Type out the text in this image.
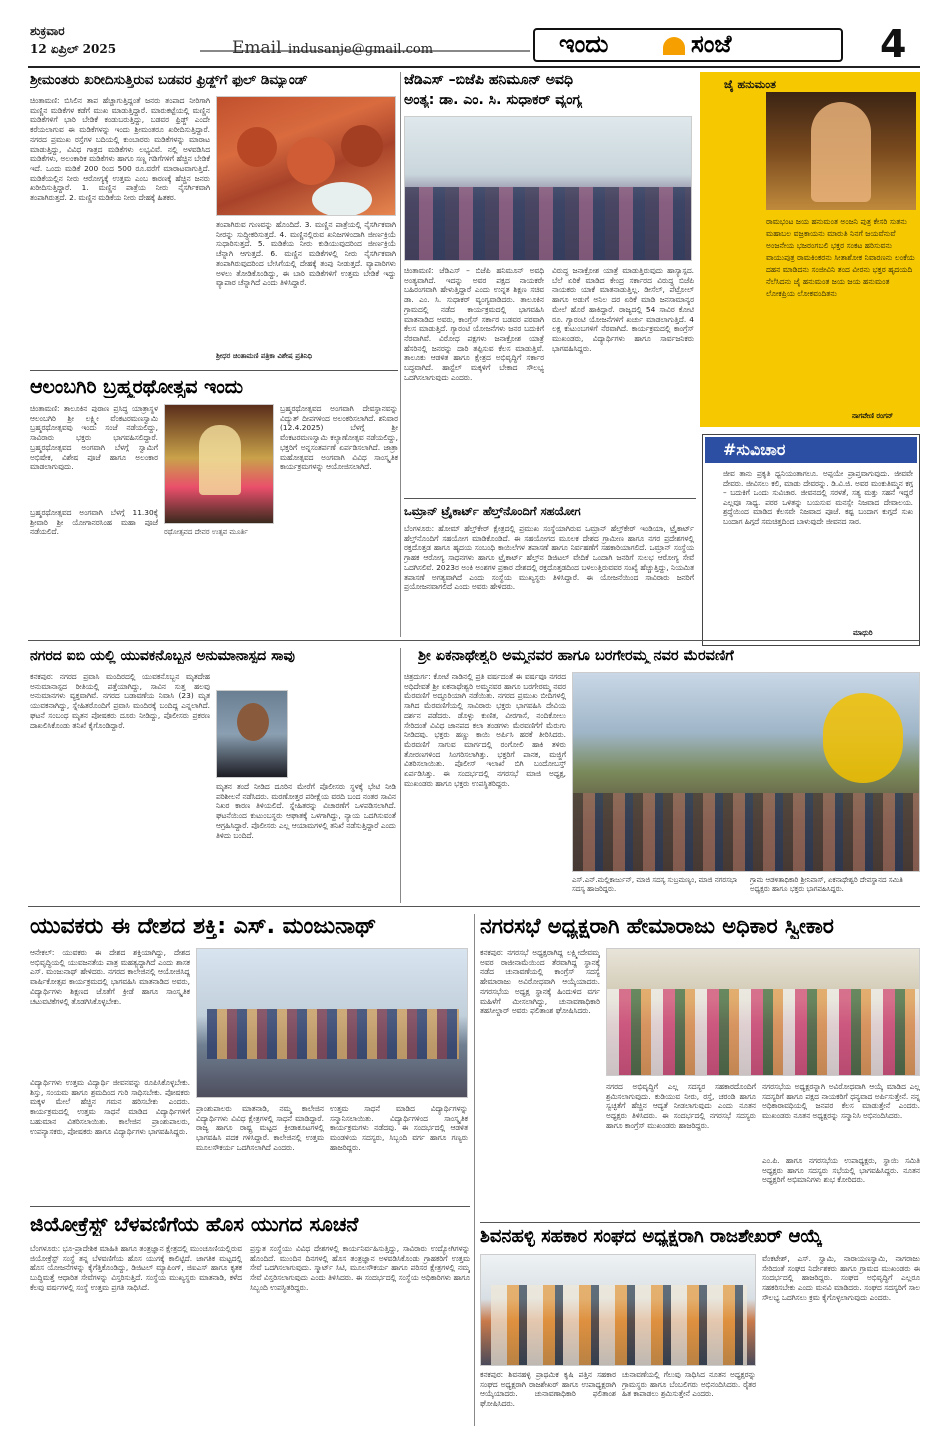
ಶುಕ್ರವಾರ
12 ಏಪ್ರಿಲ್ 2025	Email indusanje@gmail.com	ಇಂದು	ಸಂಜೆ	4
ಶ್ರೀಮಂತರು ಖರೀದಿಸುತ್ತಿರುವ ಬಡವರ ಫ್ರಿಡ್ಜ್‌ಗೆ ಫುಲ್ ಡಿಮ್ಯಾಂಡ್
ಚಿಂತಾಮಣಿ: ಬಿಸಿಲಿನ ತಾಪ ಹೆಚ್ಚಾಗುತ್ತಿದ್ದಂತೆ ಜನರು ತಂಪಾದ ನೀರಿಗಾಗಿ ಮಣ್ಣಿನ ಮಡಿಕೆಗಳ ಕಡೆಗೆ ಮುಖ ಮಾಡುತ್ತಿದ್ದಾರೆ. ಮಾರುಕಟ್ಟೆಯಲ್ಲಿ ಮಣ್ಣಿನ ಮಡಿಕೆಗಳಿಗೆ ಭಾರಿ ಬೇಡಿಕೆ ಕಂಡುಬರುತ್ತಿದ್ದು, ಬಡವರ ಫ್ರಿಡ್ಜ್ ಎಂದೇ ಕರೆಯಲಾಗುವ ಈ ಮಡಿಕೆಗಳನ್ನು ಇಂದು ಶ್ರೀಮಂತರೂ ಖರೀದಿಸುತ್ತಿದ್ದಾರೆ. ನಗರದ ಪ್ರಮುಖ ರಸ್ತೆಗಳ ಬದಿಯಲ್ಲಿ ಕುಂಬಾರರು ಮಡಿಕೆಗಳನ್ನು ಮಾರಾಟ ಮಾಡುತ್ತಿದ್ದು, ವಿವಿಧ ಗಾತ್ರದ ಮಡಿಕೆಗಳು ಲಭ್ಯವಿವೆ. ನಲ್ಲಿ ಅಳವಡಿಸಿದ ಮಡಿಕೆಗಳು, ಅಲಂಕಾರಿಕ ಮಡಿಕೆಗಳು ಹಾಗೂ ಸಣ್ಣ ಗಡಿಗೆಗಳಿಗೆ ಹೆಚ್ಚಿನ ಬೇಡಿಕೆ ಇದೆ. ಒಂದು ಮಡಿಕೆ 200 ರಿಂದ 500 ರೂ.ವರೆಗೆ ಮಾರಾಟವಾಗುತ್ತಿದೆ. ಮಡಿಕೆಯಲ್ಲಿನ ನೀರು ಆರೋಗ್ಯಕ್ಕೆ ಉತ್ತಮ ಎಂಬ ಕಾರಣಕ್ಕೆ ಹೆಚ್ಚಿನ ಜನರು ಖರೀದಿಸುತ್ತಿದ್ದಾರೆ. 1. ಮಣ್ಣಿನ ಪಾತ್ರೆಯ ನೀರು ನೈಸರ್ಗಿಕವಾಗಿ ತಂಪಾಗಿರುತ್ತದೆ. 2. ಮಣ್ಣಿನ ಮಡಿಕೆಯ ನೀರು ದೇಹಕ್ಕೆ ಹಿತಕರ.
ತಂಪಾಗಿರುವ ಗುಣವನ್ನು ಹೊಂದಿದೆ. 3. ಮಣ್ಣಿನ ಪಾತ್ರೆಯಲ್ಲಿ ನೈಸರ್ಗಿಕವಾಗಿ ನೀರನ್ನು ಸುದ್ಧೀಕರಿಸುತ್ತದೆ. 4. ಮಣ್ಣಿನಲ್ಲಿರುವ ಖನಿಜಗಳಿಂದಾಗಿ ಜೀರ್ಣಕ್ರಿಯೆ ಸುಧಾರಿಸುತ್ತದೆ. 5. ಮಡಿಕೆಯ ನೀರು ಕುಡಿಯುವುದರಿಂದ ಜೀರ್ಣಕ್ರಿಯೆ ಚೆನ್ನಾಗಿ ಆಗುತ್ತದೆ. 6. ಮಣ್ಣಿನ ಮಡಿಕೆಗಳಲ್ಲಿ ನೀರು ನೈಸರ್ಗಿಕವಾಗಿ ತಂಪಾಗಿರುವುದರಿಂದ ಬೇಸಿಗೆಯಲ್ಲಿ ದೇಹಕ್ಕೆ ತಂಪು ನೀಡುತ್ತದೆ. ವ್ಯಾಪಾರಿಗಳು ಅಳಲು ತೋಡಿಕೊಂಡಿದ್ದು, ಈ ಬಾರಿ ಮಡಿಕೆಗಳಿಗೆ ಉತ್ತಮ ಬೇಡಿಕೆ ಇದ್ದು ವ್ಯಾಪಾರ ಚೆನ್ನಾಗಿದೆ ಎಂದು ತಿಳಿಸಿದ್ದಾರೆ.
ಶ್ರೀಧರ ಚಿಂತಾಮಣಿ ಪತ್ರಿಕಾ ವಿಶೇಷ ಪ್ರತಿನಿಧಿ
ಜೆಡಿಎಸ್ –ಬಿಜೆಪಿ ಹನಿಮೂನ್ ಅವಧಿ
ಅಂತ್ಯ: ಡಾ. ಎಂ. ಸಿ. ಸುಧಾಕರ್ ವ್ಯಂಗ್ಯ
ಚಿಂತಾಮಣಿ: ಜೆಡಿಎಸ್ – ಬಿಜೆಪಿ ಹನಿಮೂನ್ ಅವಧಿ ಅಂತ್ಯವಾಗಿದೆ. ಇದನ್ನು ಅವರ ಪಕ್ಷದ ನಾಯಕರೇ ಬಹಿರಂಗವಾಗಿ ಹೇಳುತ್ತಿದ್ದಾರೆ ಎಂದು ಉನ್ನತ ಶಿಕ್ಷಣ ಸಚಿವ ಡಾ. ಎಂ. ಸಿ. ಸುಧಾಕರ್ ವ್ಯಂಗ್ಯವಾಡಿದರು. ತಾಲೂಕಿನ ಗ್ರಾಮದಲ್ಲಿ ನಡೆದ ಕಾರ್ಯಕ್ರಮದಲ್ಲಿ ಭಾಗವಹಿಸಿ ಮಾತನಾಡಿದ ಅವರು, ಕಾಂಗ್ರೆಸ್ ಸರ್ಕಾರ ಬಡವರ ಪರವಾಗಿ ಕೆಲಸ ಮಾಡುತ್ತಿದೆ. ಗ್ಯಾರಂಟಿ ಯೋಜನೆಗಳು ಜನರ ಬದುಕಿಗೆ ನೆರವಾಗಿವೆ. ವಿರೋಧ ಪಕ್ಷಗಳು ಜನಾಕ್ರೋಶ ಯಾತ್ರೆ ಹೆಸರಿನಲ್ಲಿ ಜನರನ್ನು ದಾರಿ ತಪ್ಪಿಸುವ ಕೆಲಸ ಮಾಡುತ್ತಿವೆ. ತಾಲೂಕು ಆಡಳಿತ ಹಾಗೂ ಕ್ಷೇತ್ರದ ಅಭಿವೃದ್ಧಿಗೆ ಸರ್ಕಾರ ಬದ್ಧವಾಗಿದೆ. ಹಾಸ್ಟೆಲ್ ಮಕ್ಕಳಿಗೆ ಬೇಕಾದ ಸೌಲಭ್ಯ ಒದಗಿಸಲಾಗುವುದು ಎಂದರು.
ವಿರುದ್ಧ ಜನಾಕ್ರೋಶ ಯಾತ್ರೆ ಮಾಡುತ್ತಿರುವುದು ಹಾಸ್ಯಾಸ್ಪದ. ಬೆಲೆ ಏರಿಕೆ ಮಾಡಿದ ಕೇಂದ್ರ ಸರ್ಕಾರದ ವಿರುದ್ಧ ಬಿಜೆಪಿ ನಾಯಕರು ಯಾಕೆ ಮಾತನಾಡುತ್ತಿಲ್ಲ. ಡೀಸೆಲ್, ಪೆಟ್ರೋಲ್ ಹಾಗೂ ಅಡುಗೆ ಅನಿಲ ದರ ಏರಿಕೆ ಮಾಡಿ ಜನಸಾಮಾನ್ಯರ ಮೇಲೆ ಹೊರೆ ಹಾಕಿದ್ದಾರೆ. ರಾಜ್ಯದಲ್ಲಿ 54 ಸಾವಿರ ಕೋಟಿ ರೂ. ಗ್ಯಾರಂಟಿ ಯೋಜನೆಗಳಿಗೆ ಖರ್ಚು ಮಾಡಲಾಗುತ್ತಿದೆ. 4 ಲಕ್ಷ ಕುಟುಂಬಗಳಿಗೆ ನೆರವಾಗಿದೆ. ಕಾರ್ಯಕ್ರಮದಲ್ಲಿ ಕಾಂಗ್ರೆಸ್ ಮುಖಂಡರು, ವಿದ್ಯಾರ್ಥಿಗಳು ಹಾಗೂ ಸಾರ್ವಜನಿಕರು ಭಾಗವಹಿಸಿದ್ದರು.
ಜೈ ಹನುಮಂತ
ರಾಮಭಂಟ ಜಯ ಹನುಮಂತ ಅಂಜನಿ ಪುತ್ರ ಕೇಸರಿ ಸುತನು ಮಹಾಬಲ ವಜ್ರಕಾಯನು ಮಾರುತಿ ನಿನಗೆ ಜಯವೆನುವೆ ಅಂಜನೇಯ ಭಜರಂಗಬಲಿ ಭಕ್ತರ ಸಂಕಟ ಹರಿಸುವನು ವಾಯುಪುತ್ರ ರಾಮಕಿಂಕರನು ಸೀತಾಶೋಕ ನಿವಾರಣನು ಲಂಕೆಯ ದಹನ ಮಾಡಿದನು ಸಂಜೀವಿನಿ ತಂದ ವೀರನು ಭಕ್ತರ ಹೃದಯದಿ ನೆಲೆಸಿದನು ಜೈ ಹನುಮಂತ ಜಯ ಜಯ ಹನುಮಂತ ಲೋಕಪ್ರಿಯ ಲೋಕವಂದಿತನು
ನಾಗವೇಣಿ ರಂಗನ್
#ಸುವಿಚಾರ
ಜೀವ ತಾನು ಪ್ರಕೃತಿ ಧ್ವನಿಯಂತಾಗಲೂ. ಅಪ್ಪಯೇ ಪ್ರಾಪ್ತವಾಗುವುದು. ಜೀವವೇ ದೇವರು. ಜೀವಿಸಲು ಕಲಿ, ಮಾಡು ದೇವರನ್ನು. ಡಿ.ವಿ.ಜಿ. ಅವರ ಮಂಕುತಿಮ್ಮನ ಕಗ್ಗ – ಬದುಕಿಗೆ ಒಂದು ಸುವಿಚಾರ. ಜೀವನದಲ್ಲಿ ಸರಳತೆ, ಸತ್ಯ ಮತ್ತು ಸಹನೆ ಇದ್ದರೆ ಎಲ್ಲವೂ ಸಾಧ್ಯ. ಪರರ ಒಳಿತನ್ನು ಬಯಸುವ ಮನಸ್ಸೇ ನಿಜವಾದ ದೇವಾಲಯ. ಶ್ರದ್ಧೆಯಿಂದ ಮಾಡಿದ ಕೆಲಸವೇ ನಿಜವಾದ ಪೂಜೆ. ಕಷ್ಟ ಬಂದಾಗ ಕುಗ್ಗದೆ ಸುಖ ಬಂದಾಗ ಹಿಗ್ಗದೆ ಸಮಚಿತ್ತದಿಂದ ಬಾಳುವುದೇ ಜೀವನದ ಸಾರ.
ಮಾಧುರಿ
ಆಲಂಬಗಿರಿ ಬ್ರಹ್ಮರಥೋತ್ಸವ ಇಂದು
ಚಿಂತಾಮಣಿ: ತಾಲೂಕಿನ ಪುರಾಣ ಪ್ರಸಿದ್ಧ ಯಾತ್ರಾಸ್ಥಳ ಆಲಂಬಗಿರಿ ಶ್ರೀ ಲಕ್ಷ್ಮೀ ವೆಂಕಟರಮಣಸ್ವಾಮಿ ಬ್ರಹ್ಮರಥೋತ್ಸವವು ಇಂದು ಸಂಜೆ ನಡೆಯಲಿದ್ದು, ಸಾವಿರಾರು ಭಕ್ತರು ಭಾಗವಹಿಸಲಿದ್ದಾರೆ. ಬ್ರಹ್ಮರಥೋತ್ಸವದ ಅಂಗವಾಗಿ ಬೆಳಗ್ಗೆ ಸ್ವಾಮಿಗೆ ಅಭಿಷೇಕ, ವಿಶೇಷ ಪೂಜೆ ಹಾಗೂ ಅಲಂಕಾರ ಮಾಡಲಾಗುವುದು.
ಬ್ರಹ್ಮರಥೋತ್ಸವದ ಅಂಗವಾಗಿ ಬೆಳಗ್ಗೆ 11.30ಕ್ಕೆ ಶ್ರೀವಾರಿ ಶ್ರೀ ಯೋಗಾನರಸಿಂಹ ಮಹಾ ಪೂಜೆ ನಡೆಯಲಿದೆ.	ರಥೋತ್ಸವದ ದೇವರ ಉತ್ಸವ ಮೂರ್ತಿ
ಬ್ರಹ್ಮರಥೋತ್ಸವದ ಅಂಗವಾಗಿ ದೇವಸ್ಥಾನವನ್ನು ವಿದ್ಯುತ್ ದೀಪಗಳಿಂದ ಅಲಂಕರಿಸಲಾಗಿದೆ. ಶನಿವಾರ (12.4.2025) ಬೆಳಗ್ಗೆ ಶ್ರೀ ವೆಂಕಟರಮಣಸ್ವಾಮಿ ಕಲ್ಯಾಣೋತ್ಸವ ನಡೆಯಲಿದ್ದು, ಭಕ್ತರಿಗೆ ಅನ್ನಸಂತರ್ಪಣೆ ಏರ್ಪಡಿಸಲಾಗಿದೆ. ಜಾತ್ರಾ ಮಹೋತ್ಸವದ ಅಂಗವಾಗಿ ವಿವಿಧ ಸಾಂಸ್ಕೃತಿಕ ಕಾರ್ಯಕ್ರಮಗಳನ್ನು ಆಯೋಜಿಸಲಾಗಿದೆ.
ಒಮ್ರಾನ್ ಟ್ರೈಕಾರ್ಟ್ ಹೆಲ್ತ್‌ನೊಂದಿಗೆ ಸಹಯೋಗ
ಬೆಂಗಳೂರು: ಹೋಮ್ ಹೆಲ್ತ್‌ಕೇರ್ ಕ್ಷೇತ್ರದಲ್ಲಿ ಪ್ರಮುಖ ಸಂಸ್ಥೆಯಾಗಿರುವ ಒಮ್ರಾನ್ ಹೆಲ್ತ್‌ಕೇರ್ ಇಂಡಿಯಾ, ಟ್ರೈಕಾರ್ಟ್ ಹೆಲ್ತ್‌ನೊಂದಿಗೆ ಸಹಯೋಗ ಮಾಡಿಕೊಂಡಿದೆ. ಈ ಸಹಯೋಗದ ಮೂಲಕ ದೇಶದ ಗ್ರಾಮೀಣ ಹಾಗೂ ನಗರ ಪ್ರದೇಶಗಳಲ್ಲಿ ರಕ್ತದೊತ್ತಡ ಹಾಗೂ ಹೃದಯ ಸಂಬಂಧಿ ಕಾಯಿಲೆಗಳ ತಪಾಸಣೆ ಹಾಗೂ ನಿರ್ವಹಣೆಗೆ ಸಹಕಾರಿಯಾಗಲಿದೆ. ಒಮ್ರಾನ್ ಸಂಸ್ಥೆಯ ಗ್ರಾಹಕ ಆರೋಗ್ಯ ಸಾಧನಗಳು ಹಾಗೂ ಟ್ರೈಕಾರ್ಟ್ ಹೆಲ್ತ್‌ನ ಡಿಜಿಟಲ್ ವೇದಿಕೆ ಒಂದಾಗಿ ಜನರಿಗೆ ಸುಲಭ ಆರೋಗ್ಯ ಸೇವೆ ಒದಗಿಸಲಿವೆ. 2023ರ ಅಂಕಿ ಅಂಶಗಳ ಪ್ರಕಾರ ದೇಶದಲ್ಲಿ ರಕ್ತದೊತ್ತಡದಿಂದ ಬಳಲುತ್ತಿರುವವರ ಸಂಖ್ಯೆ ಹೆಚ್ಚುತ್ತಿದ್ದು, ನಿಯಮಿತ ತಪಾಸಣೆ ಅಗತ್ಯವಾಗಿದೆ ಎಂದು ಸಂಸ್ಥೆಯ ಮುಖ್ಯಸ್ಥರು ತಿಳಿಸಿದ್ದಾರೆ. ಈ ಯೋಜನೆಯಿಂದ ಸಾವಿರಾರು ಜನರಿಗೆ ಪ್ರಯೋಜನವಾಗಲಿದೆ ಎಂದು ಅವರು ಹೇಳಿದರು.
ನಗರದ ಐಬಿ ಯಲ್ಲಿ ಯುವಕನೊಬ್ಬನ ಅನುಮಾನಾಸ್ಪದ ಸಾವು
ಕನಕಪುರ: ನಗರದ ಪ್ರವಾಸಿ ಮಂದಿರದಲ್ಲಿ ಯುವಕನೊಬ್ಬನ ಮೃತದೇಹ ಅನುಮಾನಾಸ್ಪದ ರೀತಿಯಲ್ಲಿ ಪತ್ತೆಯಾಗಿದ್ದು, ಸಾವಿನ ಸುತ್ತ ಹಲವು ಅನುಮಾನಗಳು ವ್ಯಕ್ತವಾಗಿವೆ. ನಗರದ ಬಡಾವಣೆಯ ನಿವಾಸಿ (23) ಮೃತ ಯುವಕನಾಗಿದ್ದು, ಸ್ನೇಹಿತರೊಂದಿಗೆ ಪ್ರವಾಸಿ ಮಂದಿರಕ್ಕೆ ಬಂದಿದ್ದ ಎನ್ನಲಾಗಿದೆ. ಘಟನೆ ಸಂಬಂಧ ಮೃತನ ಪೋಷಕರು ದೂರು ನೀಡಿದ್ದು, ಪೊಲೀಸರು ಪ್ರಕರಣ ದಾಖಲಿಸಿಕೊಂಡು ತನಿಖೆ ಕೈಗೊಂಡಿದ್ದಾರೆ.
ಮೃತನ ತಂದೆ ನೀಡಿದ ದೂರಿನ ಮೇರೆಗೆ ಪೊಲೀಸರು ಸ್ಥಳಕ್ಕೆ ಭೇಟಿ ನೀಡಿ ಪರಿಶೀಲನೆ ನಡೆಸಿದರು. ಮರಣೋತ್ತರ ಪರೀಕ್ಷೆಯ ವರದಿ ಬಂದ ನಂತರ ಸಾವಿನ ನಿಖರ ಕಾರಣ ತಿಳಿಯಲಿದೆ. ಸ್ನೇಹಿತರನ್ನು ವಿಚಾರಣೆಗೆ ಒಳಪಡಿಸಲಾಗಿದೆ. ಘಟನೆಯಿಂದ ಕುಟುಂಬಸ್ಥರು ಆಘಾತಕ್ಕೆ ಒಳಗಾಗಿದ್ದು, ನ್ಯಾಯ ಒದಗಿಸುವಂತೆ ಆಗ್ರಹಿಸಿದ್ದಾರೆ. ಪೊಲೀಸರು ಎಲ್ಲ ಆಯಾಮಗಳಲ್ಲಿ ತನಿಖೆ ನಡೆಸುತ್ತಿದ್ದಾರೆ ಎಂದು ತಿಳಿದು ಬಂದಿದೆ.
ಶ್ರೀ ಏಕನಾಥೇಶ್ವರಿ ಅಮ್ಮನವರ ಹಾಗೂ ಬರಗೇರಮ್ಮ ನವರ ಮೆರವಣಿಗೆ
ಚಿತ್ರದುರ್ಗ: ಕೋಟೆ ನಾಡಿನಲ್ಲಿ ಪ್ರತಿ ವರ್ಷದಂತೆ ಈ ವರ್ಷವೂ ನಗರದ ಅಧಿದೇವತೆ ಶ್ರೀ ಏಕನಾಥೇಶ್ವರಿ ಅಮ್ಮನವರ ಹಾಗೂ ಬರಗೇರಮ್ಮ ನವರ ಮೆರವಣಿಗೆ ಅದ್ಧೂರಿಯಾಗಿ ನಡೆಯಿತು. ನಗರದ ಪ್ರಮುಖ ಬೀದಿಗಳಲ್ಲಿ ಸಾಗಿದ ಮೆರವಣಿಗೆಯಲ್ಲಿ ಸಾವಿರಾರು ಭಕ್ತರು ಭಾಗವಹಿಸಿ ದೇವಿಯ ದರ್ಶನ ಪಡೆದರು. ಡೊಳ್ಳು ಕುಣಿತ, ವೀರಗಾಸೆ, ನಂದಿಕೋಲು ಸೇರಿದಂತೆ ವಿವಿಧ ಜಾನಪದ ಕಲಾ ತಂಡಗಳು ಮೆರವಣಿಗೆಗೆ ಮೆರುಗು ನೀಡಿದವು. ಭಕ್ತರು ಹಣ್ಣು ಕಾಯಿ ಅರ್ಪಿಸಿ ಹರಕೆ ತೀರಿಸಿದರು. ಮೆರವಣಿಗೆ ಸಾಗುವ ಮಾರ್ಗದಲ್ಲಿ ರಂಗೋಲಿ ಹಾಕಿ ತಳಿರು ತೋರಣಗಳಿಂದ ಸಿಂಗರಿಸಲಾಗಿತ್ತು. ಭಕ್ತರಿಗೆ ಪಾನಕ, ಮಜ್ಜಿಗೆ ವಿತರಿಸಲಾಯಿತು. ಪೊಲೀಸ್ ಇಲಾಖೆ ಬಿಗಿ ಬಂದೋಬಸ್ತ್ ಏರ್ಪಡಿಸಿತ್ತು. ಈ ಸಂದರ್ಭದಲ್ಲಿ ನಗರಸಭೆ ಮಾಜಿ ಅಧ್ಯಕ್ಷ, ಮುಖಂಡರು ಹಾಗೂ ಭಕ್ತರು ಉಪಸ್ಥಿತರಿದ್ದರು.
ಎಸ್.ಎನ್.ಮಲ್ಲಿಕಾರ್ಜುನ್, ಮಾಜಿ ಸದಸ್ಯ ಸುಬ್ರಮಣ್ಯಂ, ಮಾಜಿ ನಗರಸಭಾ ಸದಸ್ಯ ಹಾಜರಿದ್ದರು.
ಗ್ರಾಮ ಆಡಳಿತಾಧಿಕಾರಿ ಶ್ರೀನಿವಾಸ್, ಏಕನಾಥೇಶ್ವರಿ ದೇವಸ್ಥಾನದ ಸಮಿತಿ ಅಧ್ಯಕ್ಷರು ಹಾಗೂ ಭಕ್ತರು ಭಾಗವಹಿಸಿದ್ದರು.
ಯುವಕರು ಈ ದೇಶದ ಶಕ್ತಿ: ಎಸ್. ಮಂಜುನಾಥ್
ಆನೇಕಲ್: ಯುವಕರು ಈ ದೇಶದ ಶಕ್ತಿಯಾಗಿದ್ದು, ದೇಶದ ಅಭಿವೃದ್ಧಿಯಲ್ಲಿ ಯುವಜನತೆಯ ಪಾತ್ರ ಮಹತ್ವದ್ದಾಗಿದೆ ಎಂದು ಶಾಸಕ ಎಸ್. ಮಂಜುನಾಥ್ ಹೇಳಿದರು. ನಗರದ ಕಾಲೇಜಿನಲ್ಲಿ ಆಯೋಜಿಸಿದ್ದ ವಾರ್ಷಿಕೋತ್ಸವ ಕಾರ್ಯಕ್ರಮದಲ್ಲಿ ಭಾಗವಹಿಸಿ ಮಾತನಾಡಿದ ಅವರು, ವಿದ್ಯಾರ್ಥಿಗಳು ಶಿಕ್ಷಣದ ಜೊತೆಗೆ ಕ್ರೀಡೆ ಹಾಗೂ ಸಾಂಸ್ಕೃತಿಕ ಚಟುವಟಿಕೆಗಳಲ್ಲಿ ತೊಡಗಿಸಿಕೊಳ್ಳಬೇಕು.
ವಿದ್ಯಾರ್ಥಿಗಳು ಉತ್ತಮ ವಿದ್ಯಾರ್ಥಿ ಜೀವನವನ್ನು ರೂಪಿಸಿಕೊಳ್ಳಬೇಕು. ಶಿಸ್ತು, ಸಂಯಮ ಹಾಗೂ ಶ್ರಮದಿಂದ ಗುರಿ ಸಾಧಿಸಬೇಕು. ಪೋಷಕರು ಮಕ್ಕಳ ಮೇಲೆ ಹೆಚ್ಚಿನ ಗಮನ ಹರಿಸಬೇಕು ಎಂದರು. ಕಾರ್ಯಕ್ರಮದಲ್ಲಿ ಉತ್ತಮ ಸಾಧನೆ ಮಾಡಿದ ವಿದ್ಯಾರ್ಥಿಗಳಿಗೆ ಬಹುಮಾನ ವಿತರಿಸಲಾಯಿತು. ಕಾಲೇಜಿನ ಪ್ರಾಂಶುಪಾಲರು, ಉಪನ್ಯಾಸಕರು, ಪೋಷಕರು ಹಾಗೂ ವಿದ್ಯಾರ್ಥಿಗಳು ಭಾಗವಹಿಸಿದ್ದರು.
ಪ್ರಾಂಶುಪಾಲರು ಮಾತನಾಡಿ, ನಮ್ಮ ಕಾಲೇಜಿನ ವಿದ್ಯಾರ್ಥಿಗಳು ವಿವಿಧ ಕ್ಷೇತ್ರಗಳಲ್ಲಿ ಸಾಧನೆ ಮಾಡಿದ್ದಾರೆ. ರಾಜ್ಯ ಹಾಗೂ ರಾಷ್ಟ್ರ ಮಟ್ಟದ ಕ್ರೀಡಾಕೂಟಗಳಲ್ಲಿ ಭಾಗವಹಿಸಿ ಪದಕ ಗಳಿಸಿದ್ದಾರೆ. ಕಾಲೇಜಿನಲ್ಲಿ ಉತ್ತಮ ಮೂಲಸೌಕರ್ಯ ಒದಗಿಸಲಾಗಿದೆ ಎಂದರು.
ಉತ್ತಮ ಸಾಧನೆ ಮಾಡಿದ ವಿದ್ಯಾರ್ಥಿಗಳನ್ನು ಸನ್ಮಾನಿಸಲಾಯಿತು. ವಿದ್ಯಾರ್ಥಿಗಳಿಂದ ಸಾಂಸ್ಕೃತಿಕ ಕಾರ್ಯಕ್ರಮಗಳು ನಡೆದವು. ಈ ಸಂದರ್ಭದಲ್ಲಿ ಆಡಳಿತ ಮಂಡಳಿಯ ಸದಸ್ಯರು, ಸಿಬ್ಬಂದಿ ವರ್ಗ ಹಾಗೂ ಗಣ್ಯರು ಹಾಜರಿದ್ದರು.
ಜಿಯೋಕ್ರೆಸ್ಟ್ ಬೆಳವಣಿಗೆಯ ಹೊಸ ಯುಗದ ಸೂಚನೆ
ಬೆಂಗಳೂರು: ಭೂ-ಪ್ರಾದೇಶಿಕ ಮಾಹಿತಿ ಹಾಗೂ ತಂತ್ರಜ್ಞಾನ ಕ್ಷೇತ್ರದಲ್ಲಿ ಮುಂಚೂಣಿಯಲ್ಲಿರುವ ಜಿಯೋಕ್ರೆಸ್ಟ್ ಸಂಸ್ಥೆ ತನ್ನ ಬೆಳವಣಿಗೆಯ ಹೊಸ ಯುಗಕ್ಕೆ ಕಾಲಿಟ್ಟಿದೆ. ಜಾಗತಿಕ ಮಟ್ಟದಲ್ಲಿ ಹೊಸ ಯೋಜನೆಗಳನ್ನು ಕೈಗೆತ್ತಿಕೊಂಡಿದ್ದು, ಡಿಜಿಟಲ್ ಮ್ಯಾಪಿಂಗ್, ಜಿಐಎಸ್ ಹಾಗೂ ಕೃತಕ ಬುದ್ಧಿಮತ್ತೆ ಆಧಾರಿತ ಸೇವೆಗಳನ್ನು ವಿಸ್ತರಿಸುತ್ತಿದೆ. ಸಂಸ್ಥೆಯ ಮುಖ್ಯಸ್ಥರು ಮಾತನಾಡಿ, ಕಳೆದ ಕೆಲವು ವರ್ಷಗಳಲ್ಲಿ ಸಂಸ್ಥೆ ಉತ್ತಮ ಪ್ರಗತಿ ಸಾಧಿಸಿದೆ.
ಪ್ರಸ್ತುತ ಸಂಸ್ಥೆಯು ವಿವಿಧ ದೇಶಗಳಲ್ಲಿ ಕಾರ್ಯನಿರ್ವಹಿಸುತ್ತಿದ್ದು, ಸಾವಿರಾರು ಉದ್ಯೋಗಿಗಳನ್ನು ಹೊಂದಿದೆ. ಮುಂದಿನ ದಿನಗಳಲ್ಲಿ ಹೊಸ ತಂತ್ರಜ್ಞಾನ ಅಳವಡಿಸಿಕೊಂಡು ಗ್ರಾಹಕರಿಗೆ ಉತ್ತಮ ಸೇವೆ ಒದಗಿಸಲಾಗುವುದು. ಸ್ಮಾರ್ಟ್ ಸಿಟಿ, ಮೂಲಸೌಕರ್ಯ ಹಾಗೂ ಪರಿಸರ ಕ್ಷೇತ್ರಗಳಲ್ಲಿ ನಮ್ಮ ಸೇವೆ ವಿಸ್ತರಿಸಲಾಗುವುದು ಎಂದು ತಿಳಿಸಿದರು. ಈ ಸಂದರ್ಭದಲ್ಲಿ ಸಂಸ್ಥೆಯ ಅಧಿಕಾರಿಗಳು ಹಾಗೂ ಸಿಬ್ಬಂದಿ ಉಪಸ್ಥಿತರಿದ್ದರು.
ನಗರಸಭೆ ಅಧ್ಯಕ್ಷರಾಗಿ ಹೇಮಾರಾಜು ಅಧಿಕಾರ ಸ್ವೀಕಾರ
ಕನಕಪುರ: ನಗರಸಭೆ ಅಧ್ಯಕ್ಷರಾಗಿದ್ದ ಲಕ್ಷ್ಮೀದೇವಮ್ಮ ಅವರ ರಾಜೀನಾಮೆಯಿಂದ ತೆರವಾಗಿದ್ದ ಸ್ಥಾನಕ್ಕೆ ನಡೆದ ಚುನಾವಣೆಯಲ್ಲಿ ಕಾಂಗ್ರೆಸ್ ಸದಸ್ಯೆ ಹೇಮಾರಾಜು ಅವಿರೋಧವಾಗಿ ಆಯ್ಕೆಯಾದರು. ನಗರಸಭೆಯ ಅಧ್ಯಕ್ಷ ಸ್ಥಾನಕ್ಕೆ ಹಿಂದುಳಿದ ವರ್ಗ ಮಹಿಳೆಗೆ ಮೀಸಲಾಗಿದ್ದು, ಚುನಾವಣಾಧಿಕಾರಿ ತಹಸೀಲ್ದಾರ್ ಅವರು ಫಲಿತಾಂಶ ಘೋಷಿಸಿದರು.
ನಗರದ ಅಭಿವೃದ್ಧಿಗೆ ಎಲ್ಲ ಸದಸ್ಯರ ಸಹಕಾರದೊಂದಿಗೆ ಶ್ರಮಿಸಲಾಗುವುದು. ಕುಡಿಯುವ ನೀರು, ರಸ್ತೆ, ಚರಂಡಿ ಹಾಗೂ ಸ್ವಚ್ಛತೆಗೆ ಹೆಚ್ಚಿನ ಆದ್ಯತೆ ನೀಡಲಾಗುವುದು ಎಂದು ನೂತನ ಅಧ್ಯಕ್ಷರು ತಿಳಿಸಿದರು. ಈ ಸಂದರ್ಭದಲ್ಲಿ ನಗರಸಭೆ ಸದಸ್ಯರು ಹಾಗೂ ಕಾಂಗ್ರೆಸ್ ಮುಖಂಡರು ಹಾಜರಿದ್ದರು.
ನಗರಸಭೆಯ ಅಧ್ಯಕ್ಷರನ್ನಾಗಿ ಅವಿರೋಧವಾಗಿ ಆಯ್ಕೆ ಮಾಡಿದ ಎಲ್ಲ ಸದಸ್ಯರಿಗೆ ಹಾಗೂ ಪಕ್ಷದ ನಾಯಕರಿಗೆ ಧನ್ಯವಾದ ಅರ್ಪಿಸುತ್ತೇನೆ. ನನ್ನ ಅಧಿಕಾರಾವಧಿಯಲ್ಲಿ ಜನಪರ ಕೆಲಸ ಮಾಡುತ್ತೇನೆ ಎಂದರು. ಮುಖಂಡರು ನೂತನ ಅಧ್ಯಕ್ಷರನ್ನು ಸನ್ಮಾನಿಸಿ ಅಭಿನಂದಿಸಿದರು.
ಎಂ.ಪಿ. ಹಾಗೂ ನಗರಸಭೆಯ ಉಪಾಧ್ಯಕ್ಷರು, ಸ್ಥಾಯಿ ಸಮಿತಿ ಅಧ್ಯಕ್ಷರು ಹಾಗೂ ಸದಸ್ಯರು ಸಭೆಯಲ್ಲಿ ಭಾಗವಹಿಸಿದ್ದರು. ನೂತನ ಅಧ್ಯಕ್ಷರಿಗೆ ಅಭಿಮಾನಿಗಳು ಶುಭ ಕೋರಿದರು.
ಶಿವನಹಳ್ಳಿ ಸಹಕಾರ ಸಂಘದ ಅಧ್ಯಕ್ಷರಾಗಿ ರಾಜಶೇಖರ್ ಆಯ್ಕೆ
ಕನಕಪುರ: ಶಿವನಹಳ್ಳಿ ಪ್ರಾಥಮಿಕ ಕೃಷಿ ಪತ್ತಿನ ಸಹಕಾರ ಸಂಘದ ಅಧ್ಯಕ್ಷರಾಗಿ ರಾಜಶೇಖರ್ ಹಾಗೂ ಉಪಾಧ್ಯಕ್ಷರಾಗಿ ಆಯ್ಕೆಯಾದರು. ಚುನಾವಣಾಧಿಕಾರಿ ಫಲಿತಾಂಶ ಘೋಷಿಸಿದರು.
ಚುನಾವಣೆಯಲ್ಲಿ ಗೆಲುವು ಸಾಧಿಸಿದ ನೂತನ ಅಧ್ಯಕ್ಷರನ್ನು ಗ್ರಾಮಸ್ಥರು ಹಾಗೂ ಬೆಂಬಲಿಗರು ಅಭಿನಂದಿಸಿದರು. ರೈತರ ಹಿತ ಕಾಪಾಡಲು ಶ್ರಮಿಸುತ್ತೇನೆ ಎಂದರು.
ವೆಂಕಟೇಶ್, ಎಸ್. ಸ್ವಾಮಿ, ನಾರಾಯಣಸ್ವಾಮಿ, ನಾಗರಾಜು ಸೇರಿದಂತೆ ಸಂಘದ ನಿರ್ದೇಶಕರು ಹಾಗೂ ಗ್ರಾಮದ ಮುಖಂಡರು ಈ ಸಂದರ್ಭದಲ್ಲಿ ಹಾಜರಿದ್ದರು. ಸಂಘದ ಅಭಿವೃದ್ಧಿಗೆ ಎಲ್ಲರೂ ಸಹಕರಿಸಬೇಕು ಎಂದು ಮನವಿ ಮಾಡಿದರು. ಸಂಘದ ಸದಸ್ಯರಿಗೆ ಸಾಲ ಸೌಲಭ್ಯ ಒದಗಿಸಲು ಕ್ರಮ ಕೈಗೊಳ್ಳಲಾಗುವುದು ಎಂದರು.
